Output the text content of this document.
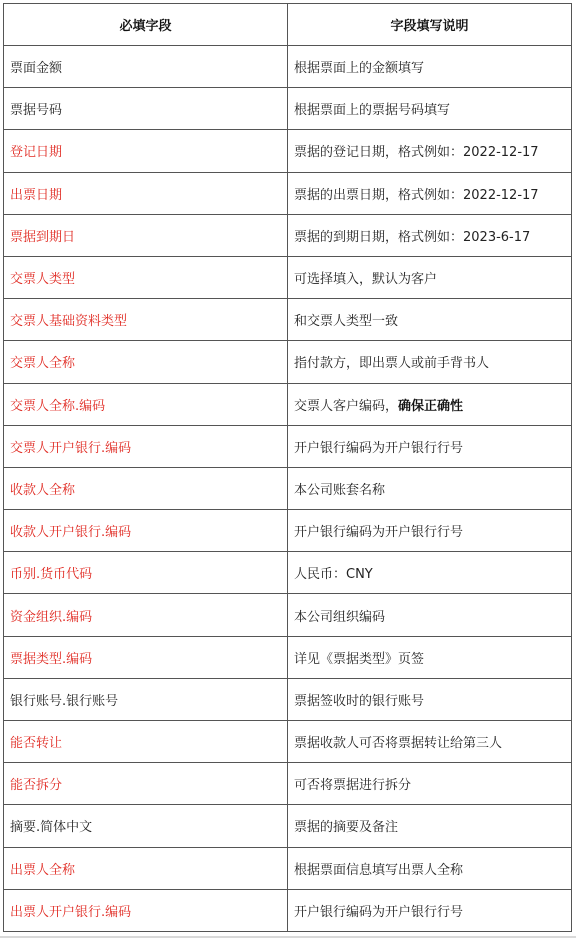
必填字段	字段填写说明
票面金额	根据票面上的金额填写
票据号码	根据票面上的票据号码填写
登记日期	票据的登记日期，格式例如：2022-12-17
出票日期	票据的出票日期，格式例如：2022-12-17
票据到期日	票据的到期日期，格式例如：2023-6-17
交票人类型	可选择填入，默认为客户
交票人基础资料类型	和交票人类型一致
交票人全称	指付款方，即出票人或前手背书人
交票人全称.编码	交票人客户编码，确保正确性
交票人开户银行.编码	开户银行编码为开户银行行号
收款人全称	本公司账套名称
收款人开户银行.编码	开户银行编码为开户银行行号
币别.货币代码	人民币：CNY
资金组织.编码	本公司组织编码
票据类型.编码	详见《票据类型》页签
银行账号.银行账号	票据签收时的银行账号
能否转让	票据收款人可否将票据转让给第三人
能否拆分	可否将票据进行拆分
摘要.简体中文	票据的摘要及备注
出票人全称	根据票面信息填写出票人全称
出票人开户银行.编码	开户银行编码为开户银行行号
